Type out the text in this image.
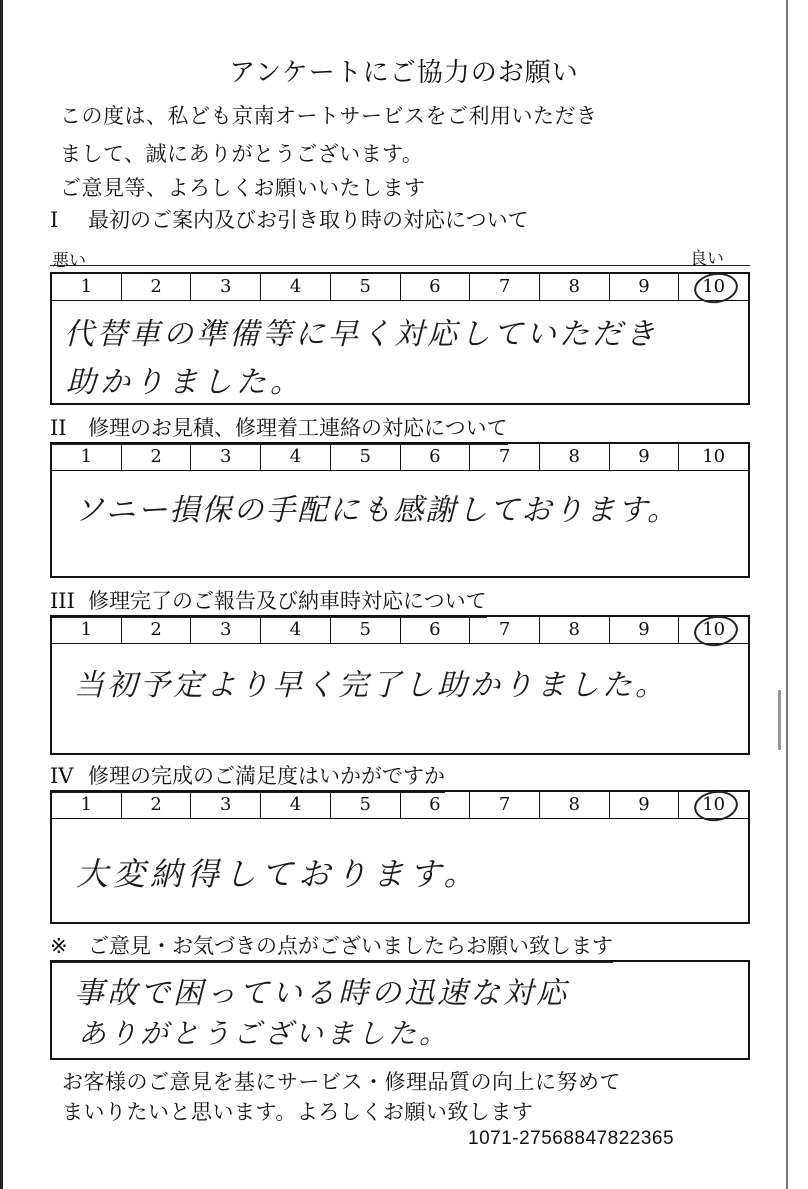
アンケートにご協力のお願い
この度は、私ども京南オートサービスをご利用いただき
まして、誠にありがとうございます。
ご意見等、よろしくお願いいたします
I 最初のご案内及びお引き取り時の対応について
悪い	良い
1	2	3	4	5	6	7	8	9	10
代替車の準備等に早く対応していただき
助かりました。
II 修理のお見積、修理着工連絡の対応について
1	2	3	4	5	6	7	8	9	10
ソニー損保の手配にも感謝しております。
III 修理完了のご報告及び納車時対応について
1	2	3	4	5	6	7	8	9	10
当初予定より早く完了し助かりました。
IV 修理の完成のご満足度はいかがですか
1	2	3	4	5	6	7	8	9	10
大変納得しております。
※ ご意見・お気づきの点がございましたらお願い致します
事故で困っている時の迅速な対応
ありがとうございました。
お客様のご意見を基にサービス・修理品質の向上に努めて
まいりたいと思います。よろしくお願い致します
1071-27568847822365
